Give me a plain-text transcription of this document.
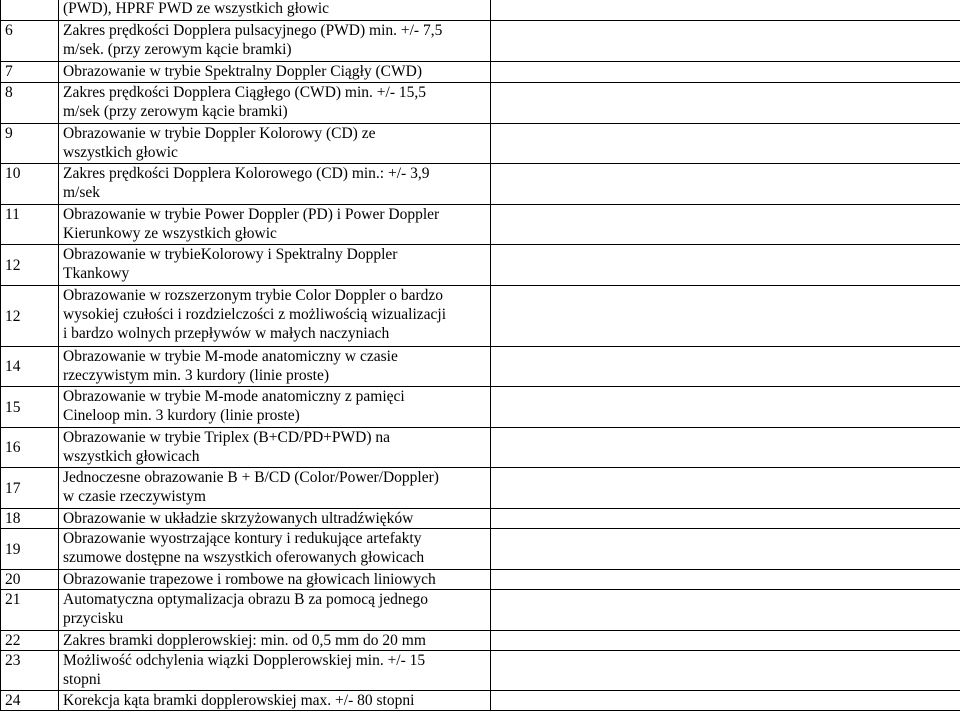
	(PWD), HPRF PWD ze wszystkich głowic	
6	Zakres prędkości Dopplera pulsacyjnego (PWD) min. +/- 7,5
m/sek. (przy zerowym kącie bramki)	
7	Obrazowanie w trybie Spektralny Doppler Ciągły (CWD)	
8	Zakres prędkości Dopplera Ciągłego (CWD) min. +/- 15,5
m/sek (przy zerowym kącie bramki)	
9	Obrazowanie w trybie Doppler Kolorowy (CD) ze
wszystkich głowic	
10	Zakres prędkości Dopplera Kolorowego (CD) min.: +/- 3,9
m/sek	
11	Obrazowanie w trybie Power Doppler (PD) i Power Doppler
Kierunkowy ze wszystkich głowic	
12	Obrazowanie w trybieKolorowy i Spektralny Doppler
Tkankowy	
12	Obrazowanie w rozszerzonym trybie Color Doppler o bardzo
wysokiej czułości i rozdzielczości z możliwością wizualizacji
i bardzo wolnych przepływów w małych naczyniach	
14	Obrazowanie w trybie M-mode anatomiczny w czasie
rzeczywistym min. 3 kurdory (linie proste)	
15	Obrazowanie w trybie M-mode anatomiczny z pamięci
Cineloop min. 3 kurdory (linie proste)	
16	Obrazowanie w trybie Triplex (B+CD/PD+PWD) na
wszystkich głowicach	
17	Jednoczesne obrazowanie B + B/CD (Color/Power/Doppler)
w czasie rzeczywistym	
18	Obrazowanie w układzie skrzyżowanych ultradźwięków	
19	Obrazowanie wyostrzające kontury i redukujące artefakty
szumowe dostępne na wszystkich oferowanych głowicach	
20	Obrazowanie trapezowe i rombowe na głowicach liniowych	
21	Automatyczna optymalizacja obrazu B za pomocą jednego
przycisku	
22	Zakres bramki dopplerowskiej: min. od 0,5 mm do 20 mm	
23	Możliwość odchylenia wiązki Dopplerowskiej min. +/- 15
stopni	
24	Korekcja kąta bramki dopplerowskiej max. +/- 80 stopni	
